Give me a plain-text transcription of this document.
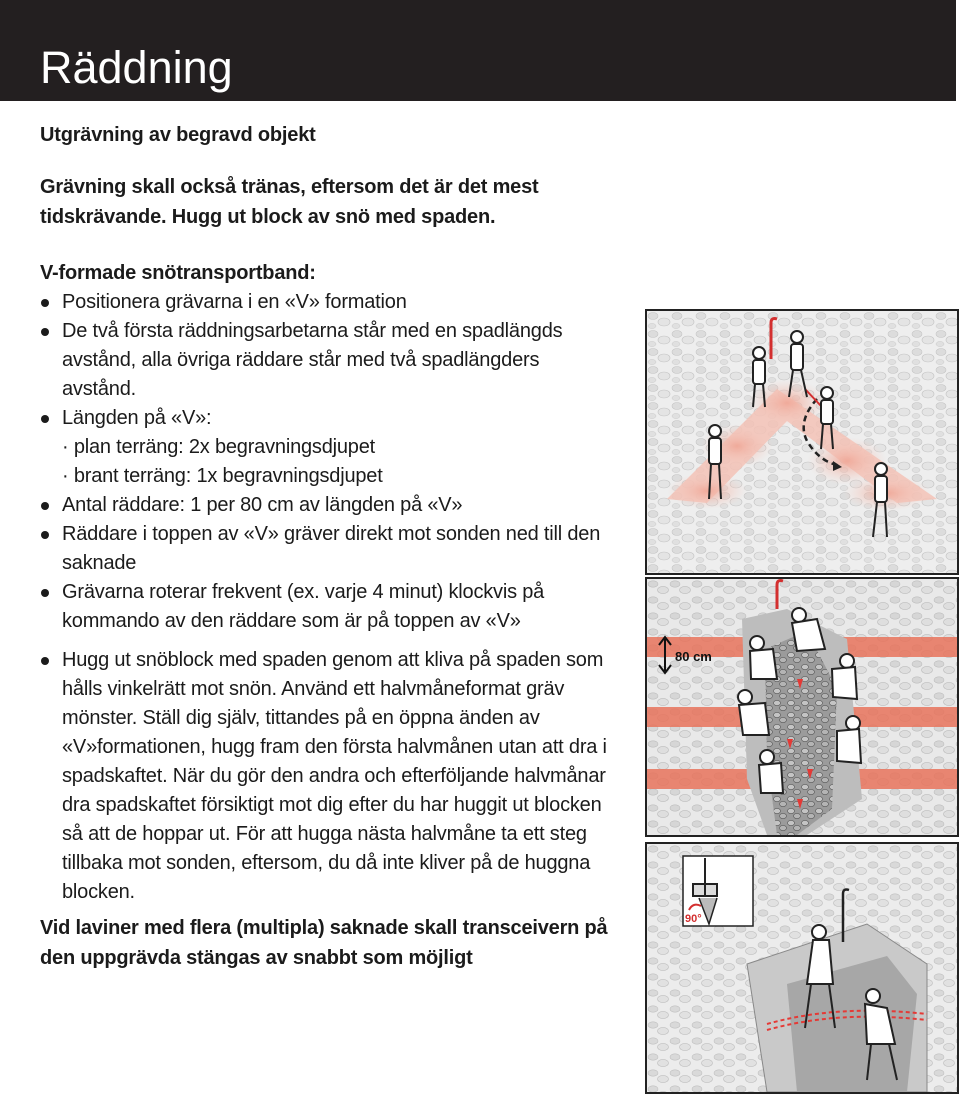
Räddning
Utgrävning av begravd objekt
Grävning skall också tränas, eftersom det är det mest tidskrävande. Hugg ut block av snö med spaden.
V-formade snötransportband:
Positionera grävarna i en «V» formation
De två första räddningsarbetarna står med en spadlängds avstånd, alla övriga räddare står med två spadlängders avstånd.
Längden på «V»:
· plan terräng: 2x begravningsdjupet
· brant terräng: 1x begravningsdjupet
Antal räddare: 1 per 80 cm av längden på «V»
Räddare i toppen av «V» gräver direkt mot sonden ned till den saknade
Grävarna roterar frekvent (ex. varje 4 minut) klockvis på kommando av den räddare som är på toppen av «V»
Hugg ut snöblock med spaden genom att kliva på spaden som hålls vinkelrätt mot snön. Använd ett halvmåneformat gräv mönster. Ställ dig själv, tittandes på en öppna änden av «V»formationen, hugg fram den första halvmånen utan att dra i spadskaftet. När du gör den andra och efterföljande halvmånar dra spadskaftet försiktigt mot dig efter du har huggit ut blocken så att de hoppar ut. För att hugga nästa halvmåne ta ett steg tillbaka mot sonden, eftersom, du då inte kliver på de huggna blocken.
Vid laviner med flera (multipla) saknade skall transceivern på den uppgrävda stängas av snabbt som möjligt
80 cm
90°
